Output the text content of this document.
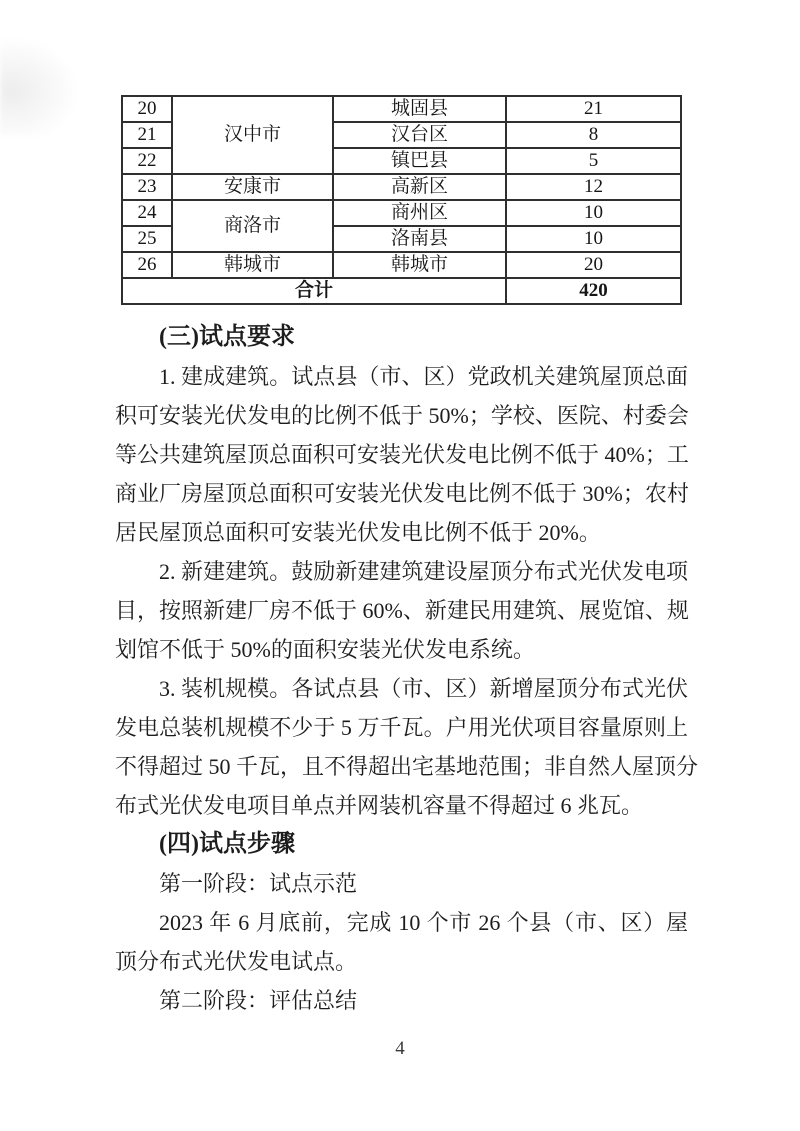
20	汉中市	城固县	21
21		汉台区	8
22		镇巴县	5
23	安康市	高新区	12
24	商洛市	商州区	10
25		洛南县	10
26	韩城市	韩城市	20
合计			420
(三)试点要求
1. 建成建筑。试点县（市、区）党政机关建筑屋顶总面
积可安装光伏发电的比例不低于 50%；学校、医院、村委会
等公共建筑屋顶总面积可安装光伏发电比例不低于 40%；工
商业厂房屋顶总面积可安装光伏发电比例不低于 30%；农村
居民屋顶总面积可安装光伏发电比例不低于 20%。
2. 新建建筑。鼓励新建建筑建设屋顶分布式光伏发电项
目，按照新建厂房不低于 60%、新建民用建筑、展览馆、规
划馆不低于 50%的面积安装光伏发电系统。
3. 装机规模。各试点县（市、区）新增屋顶分布式光伏
发电总装机规模不少于 5 万千瓦。户用光伏项目容量原则上
不得超过 50 千瓦，且不得超出宅基地范围；非自然人屋顶分
布式光伏发电项目单点并网装机容量不得超过 6 兆瓦。
(四)试点步骤
第一阶段：试点示范
2023 年 6 月底前，完成 10 个市 26 个县（市、区）屋
顶分布式光伏发电试点。
第二阶段：评估总结
4
